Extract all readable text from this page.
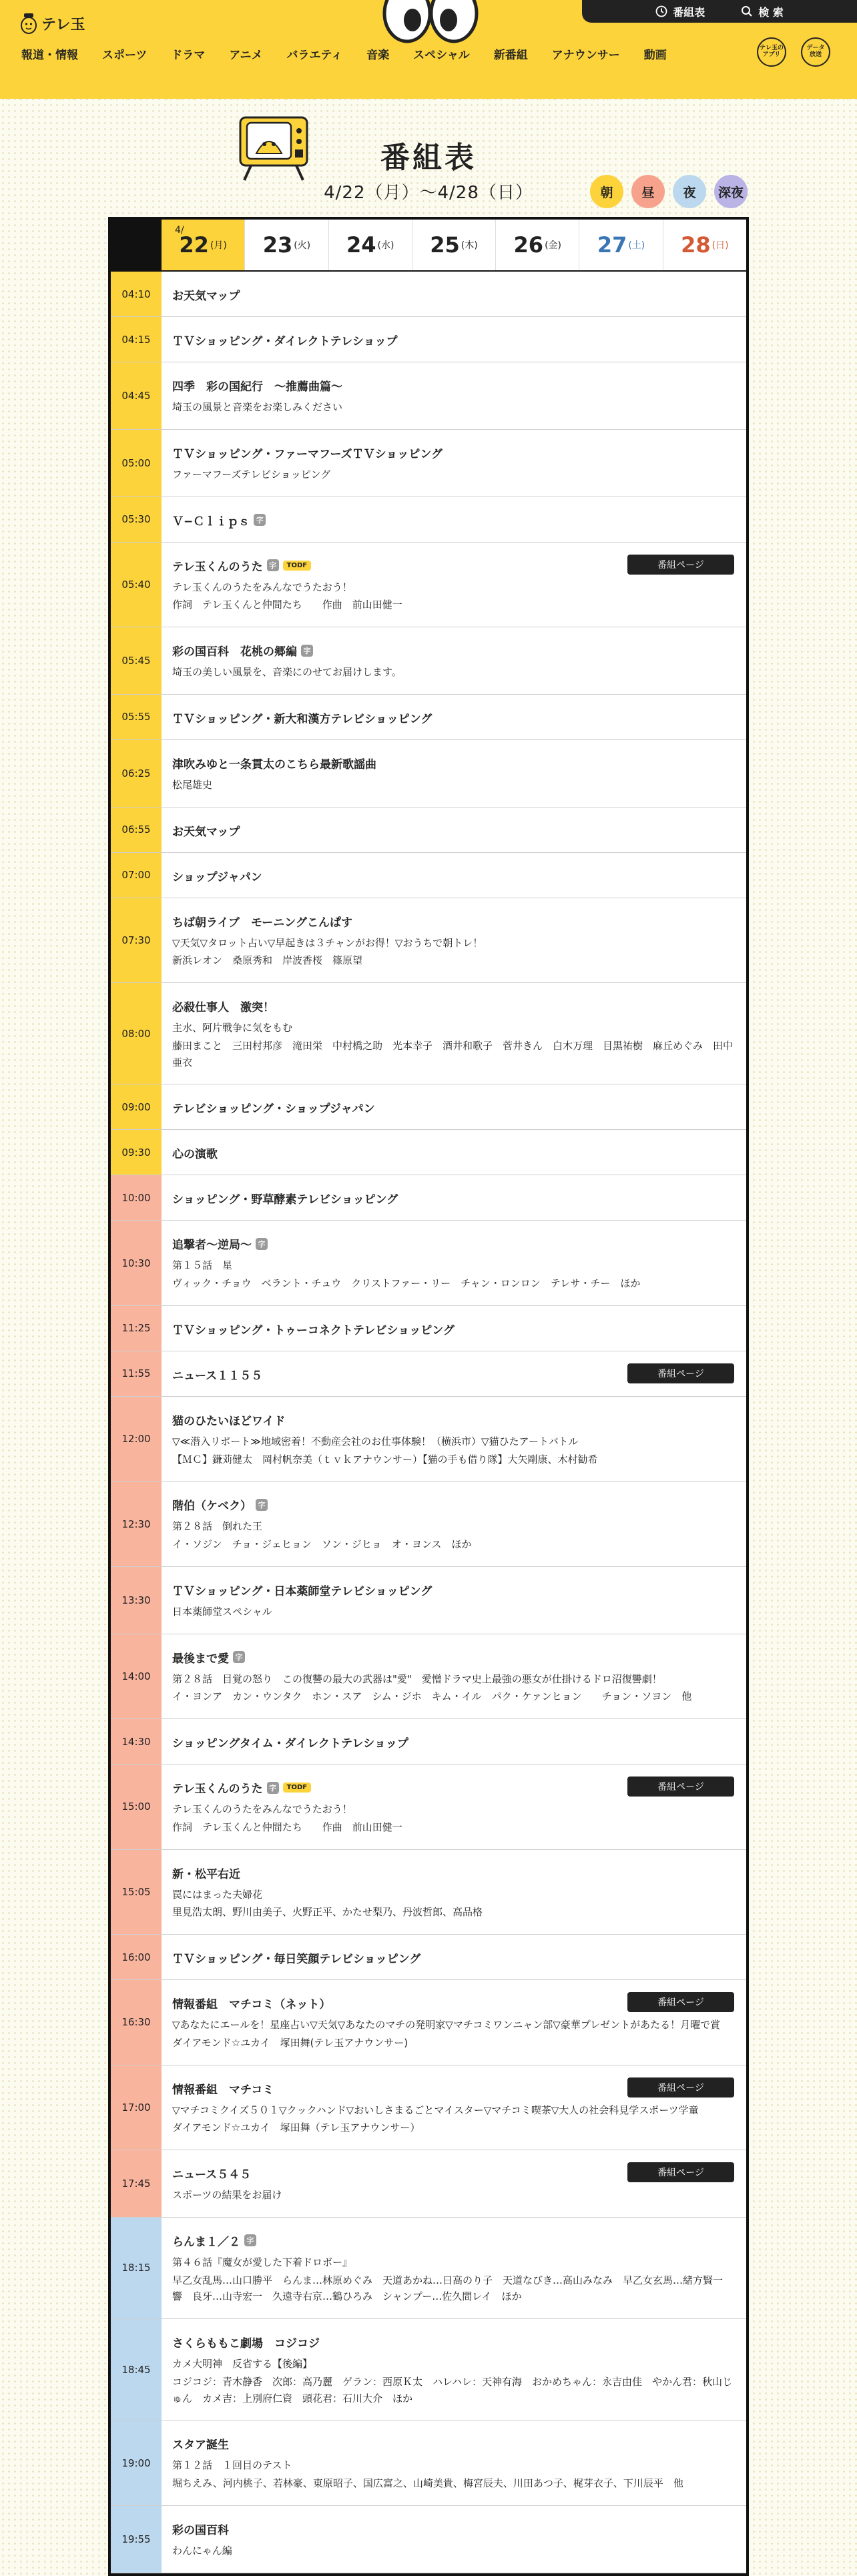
テレ玉
番組表	検 索
報道・情報 スポーツ ドラマ アニメ バラエティ 音楽 スペシャル 新番組 アナウンサー 動画
テレ玉の
アプリ
データ
放送
番組表
4/22（月）〜4/28（日）	朝	昼	夜	深夜
4/
22 (月) 23 (火) 24 (水) 25 (木) 26 (金) 27 (土) 28 (日)
04:10	お天気マップ
04:15	ＴＶショッピング・ダイレクトテレショップ
04:45
四季　彩の国紀行　〜推薦曲篇〜
埼玉の風景と音楽をお楽しみください
05:00
ＴＶショッピング・ファーマフーズＴＶショッピング
ファーマフーズテレビショッピング
05:30	Ｖ−Ｃｌｉｐｓ 字
05:40
テレ玉くんのうた 字	TODF
テレ玉くんのうたをみんなでうたおう！
作詞　テレ玉くんと仲間たち　　作曲　前山田健一
番組ページ
05:45
彩の国百科　花桃の郷編 字
埼玉の美しい風景を、音楽にのせてお届けします。
05:55	ＴＶショッピング・新大和漢方テレビショッピング
06:25
津吹みゆと一条貫太のこちら最新歌謡曲
松尾雄史
06:55	お天気マップ
07:00	ショップジャパン
07:30
ちば朝ライブ　モーニングこんぱす
▽天気▽タロット占い▽早起きは３チャンがお得！▽おうちで朝トレ！
新浜レオン　桑原秀和　岸波香桜　篠原望
08:00
必殺仕事人　激突！
主水、阿片戦争に気をもむ
藤田まこと　三田村邦彦　滝田栄　中村橋之助　光本幸子　酒井和歌子　菅井きん　白木万理　目黒祐樹　麻丘めぐみ　田中亜衣
09:00	テレビショッピング・ショップジャパン
09:30	心の演歌
10:00	ショッピング・野草酵素テレビショッピング
10:30
追撃者〜逆局〜 字
第１５話　星
ヴィック・チョウ　ベラント・チュウ　クリストファー・リー　チャン・ロンロン　テレサ・チー　ほか
11:25	ＴＶショッピング・トゥーコネクトテレビショッピング
11:55	ニュース１１５５	番組ページ
12:00
猫のひたいほどワイド
▽≪潜入リポート≫地域密着！不動産会社のお仕事体験！（横浜市）▽猫ひたアートバトル
【ＭＣ】鎌苅健太　岡村帆奈美（ｔｖｋアナウンサー）【猫の手も借り隊】大矢剛康、木村勧希
12:30
階伯（ケベク） 字
第２８話　倒れた王
イ・ソジン　チョ・ジェヒョン　ソン・ジヒョ　オ・ヨンス　ほか
13:30
ＴＶショッピング・日本薬師堂テレビショッピング
日本薬師堂スペシャル
14:00
最後まで愛 字
第２８話　目覚の怒り　この復讐の最大の武器は"愛"　愛憎ドラマ史上最強の悪女が仕掛けるドロ沼復讐劇！
イ・ヨンア　カン・ウンタク　ホン・スア　シム・ジホ　キム・イル　パク・ケァンヒョン　　チョン・ソヨン　他
14:30	ショッピングタイム・ダイレクトテレショップ
15:00
テレ玉くんのうた 字	TODF
テレ玉くんのうたをみんなでうたおう！
作詞　テレ玉くんと仲間たち　　作曲　前山田健一
番組ページ
15:05
新・松平右近
罠にはまった夫婦花
里見浩太朗、野川由美子、火野正平、かたせ梨乃、丹波哲郎、高品格
16:00	ＴＶショッピング・毎日笑顔テレビショッピング
16:30
情報番組　マチコミ（ネット）
▽あなたにエールを！星座占い▽天気▽あなたのマチの発明家▽マチコミワンニャン部▽豪華プレゼントがあたる！月曜で賞
ダイアモンド☆ユカイ　塚田舞(テレ玉アナウンサー)
番組ページ
17:00
情報番組　マチコミ
▽マチコミクイズ５０１▽クックハンド▽おいしさまるごとマイスター▽マチコミ喫茶▽大人の社会科見学スポーツ学童
ダイアモンド☆ユカイ　塚田舞（テレ玉アナウンサー）
番組ページ
17:45
ニュース５４５
スポーツの結果をお届け
番組ページ
18:15
らんま１／２ 字
第４６話『魔女が愛した下着ドロボー』
早乙女乱馬…山口勝平　らんま…林原めぐみ　天道あかね…日高のり子　天道なびき…高山みなみ　早乙女玄馬…緒方賢一　響　良牙…山寺宏一　久遠寺右京…鶴ひろみ　シャンプー…佐久間レイ　ほか
18:45
さくらももこ劇場　コジコジ
カメ大明神　反省する【後編】
コジコジ：青木静香　次郎：高乃麗　ゲラン：西原Ｋ太　ハレハレ：天神有海　おかめちゃん：永吉由佳　やかん君：秋山じゅん　カメ吉：上別府仁資　頭花君：石川大介　ほか
19:00
スタア誕生
第１２話　１回目のテスト
堀ちえみ、河内桃子、若林豪、東原昭子、国広富之、山崎美貴、梅宮辰夫、川田あつ子、梶芽衣子、下川辰平　他
19:55
彩の国百科
わんにゃん編
